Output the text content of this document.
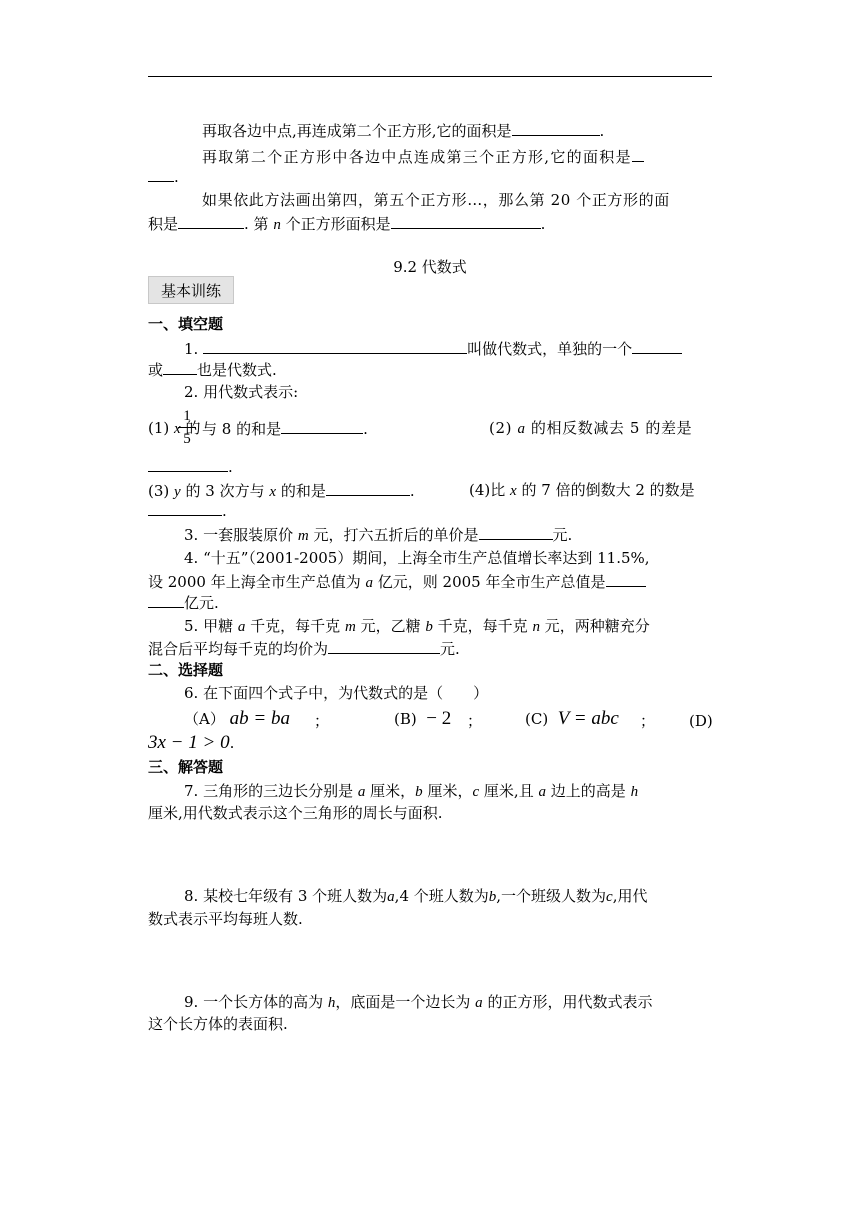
再取各边中点,再连成第二个正方形,它的面积是	.
再取第二个正方形中各边中点连成第三个正方形,它的面积是
.
如果依此方法画出第四，第五个正方形…，那么第 20 个正方形的面
积是	. 第 n 个正方形面积是	.
9.2 代数式
基本训练
一、填空题
1.	叫做代数式，单独的一个
或 也是代数式.
2. 用代数式表示:
(1) x 的
1
5
与 8 的和是	.	(2) a 的相反数减去 5 的差是
.
(3) y 的 3 次方与 x 的和是	.	(4)比 x 的 7 倍的倒数大 2 的数是
.
3. 一套服装原价 m 元，打六五折后的单价是	元.
4. “十五”（2001-2005）期间，上海全市生产总值增长率达到 11.5%,
设 2000 年上海全市生产总值为 a 亿元，则 2005 年全市生产总值是
亿元.
5. 甲糖 a 千克，每千克 m 元，乙糖 b 千克，每千克 n 元，两种糖充分
混合后平均每千克的均价为	元.
二、选择题
6. 在下面四个式子中，为代数式的是（　　）
（A） ab = ba ；	(B) − 2 ；	(C) V = abc ； (D)
3x − 1 > 0.
三、解答题
7. 三角形的三边长分别是 a 厘米，b 厘米，c 厘米,且 a 边上的高是 h
厘米,用代数式表示这个三角形的周长与面积.
8. 某校七年级有 3 个班人数为a,4 个班人数为b,一个班级人数为c,用代
数式表示平均每班人数.
9. 一个长方体的高为 h，底面是一个边长为 a 的正方形，用代数式表示
这个长方体的表面积.
